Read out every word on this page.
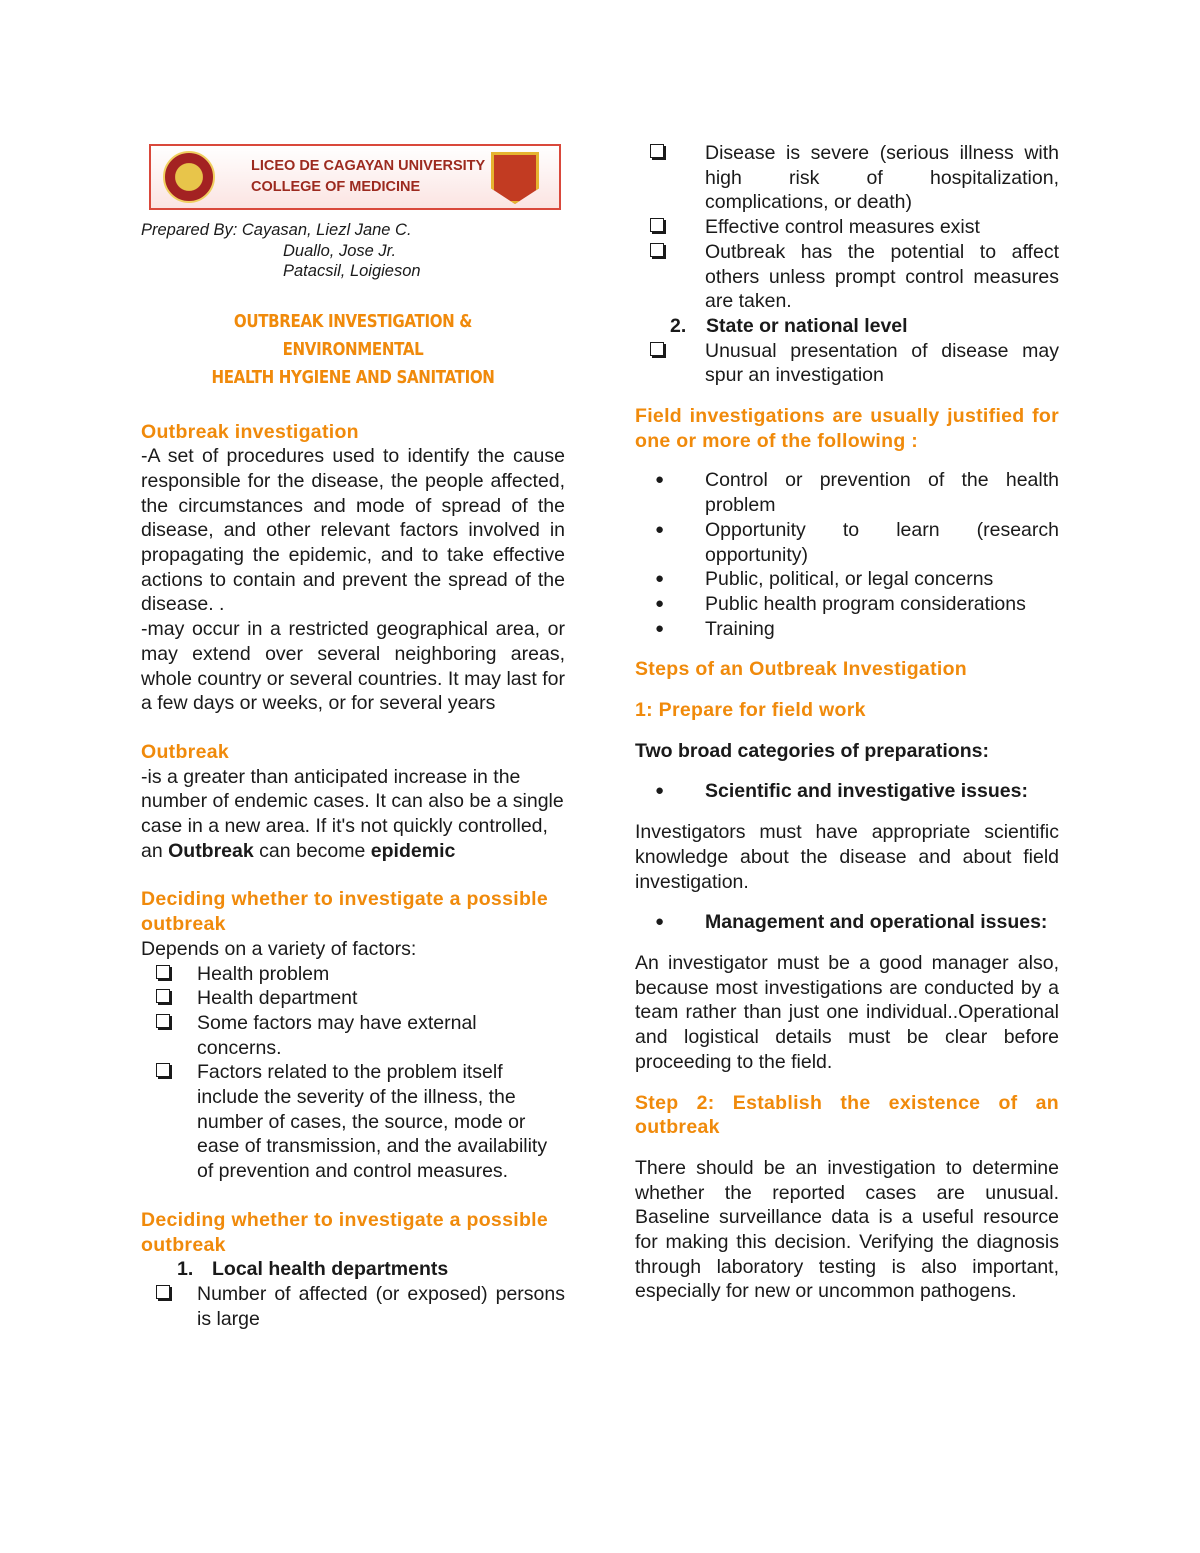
LICEO DE CAGAYAN UNIVERSITY
COLLEGE OF MEDICINE

Prepared By: Cayasan, Liezl Jane C.
Duallo, Jose Jr.
Patacsil, Loigieson

OUTBREAK INVESTIGATION & ENVIRONMENTAL
HEALTH HYGIENE AND SANITATION
Outbreak investigation

-A set of procedures used to identify the cause responsible for the disease, the people affected, the circumstances and mode of spread of the disease, and other relevant factors involved in propagating the epidemic, and to take effective actions to contain and prevent the spread of the disease. .

-may occur in a restricted geographical area, or may extend over several neighboring areas, whole country or several countries. It may last for a few days or weeks, or for several years

Outbreak

-is a greater than anticipated increase in the number of endemic cases. It can also be a single case in a new area. If it's not quickly controlled, an Outbreak can become epidemic

Deciding whether to investigate a possible outbreak

Depends on a variety of factors:

Health problem
Health department
Some factors may have external concerns.
Factors related to the problem itself include the severity of the illness, the number of cases, the source, mode or ease of transmission, and the availability of prevention and control measures.
Deciding whether to investigate a possible outbreak
1. Local health departments
Number of affected (or exposed) persons is large
Disease is severe (serious illness with high risk of hospitalization, complications, or death)
Effective control measures exist
Outbreak has the potential to affect others unless prompt control measures are taken.
2.	State or national level
Unusual presentation of disease may spur an investigation
Field investigations are usually justified for one or more of the following :
●	Control or prevention of the health problem
●	Opportunity to learn (research opportunity)
●	Public, political, or legal concerns
●	Public health program considerations
●	Training
Steps of an Outbreak Investigation
1: Prepare for field work
Two broad categories of preparations:
●	Scientific and investigative issues:

Investigators must have appropriate scientific knowledge about the disease and about field investigation.

●	Management and operational issues:

An investigator must be a good manager also, because most investigations are conducted by a team rather than just one individual..Operational and logistical details must be clear before proceeding to the field.

Step 2: Establish the existence of an outbreak

There should be an investigation to determine whether the reported cases are unusual. Baseline surveillance data is a useful resource for making this decision. Verifying the diagnosis through laboratory testing is also important, especially for new or uncommon pathogens.
